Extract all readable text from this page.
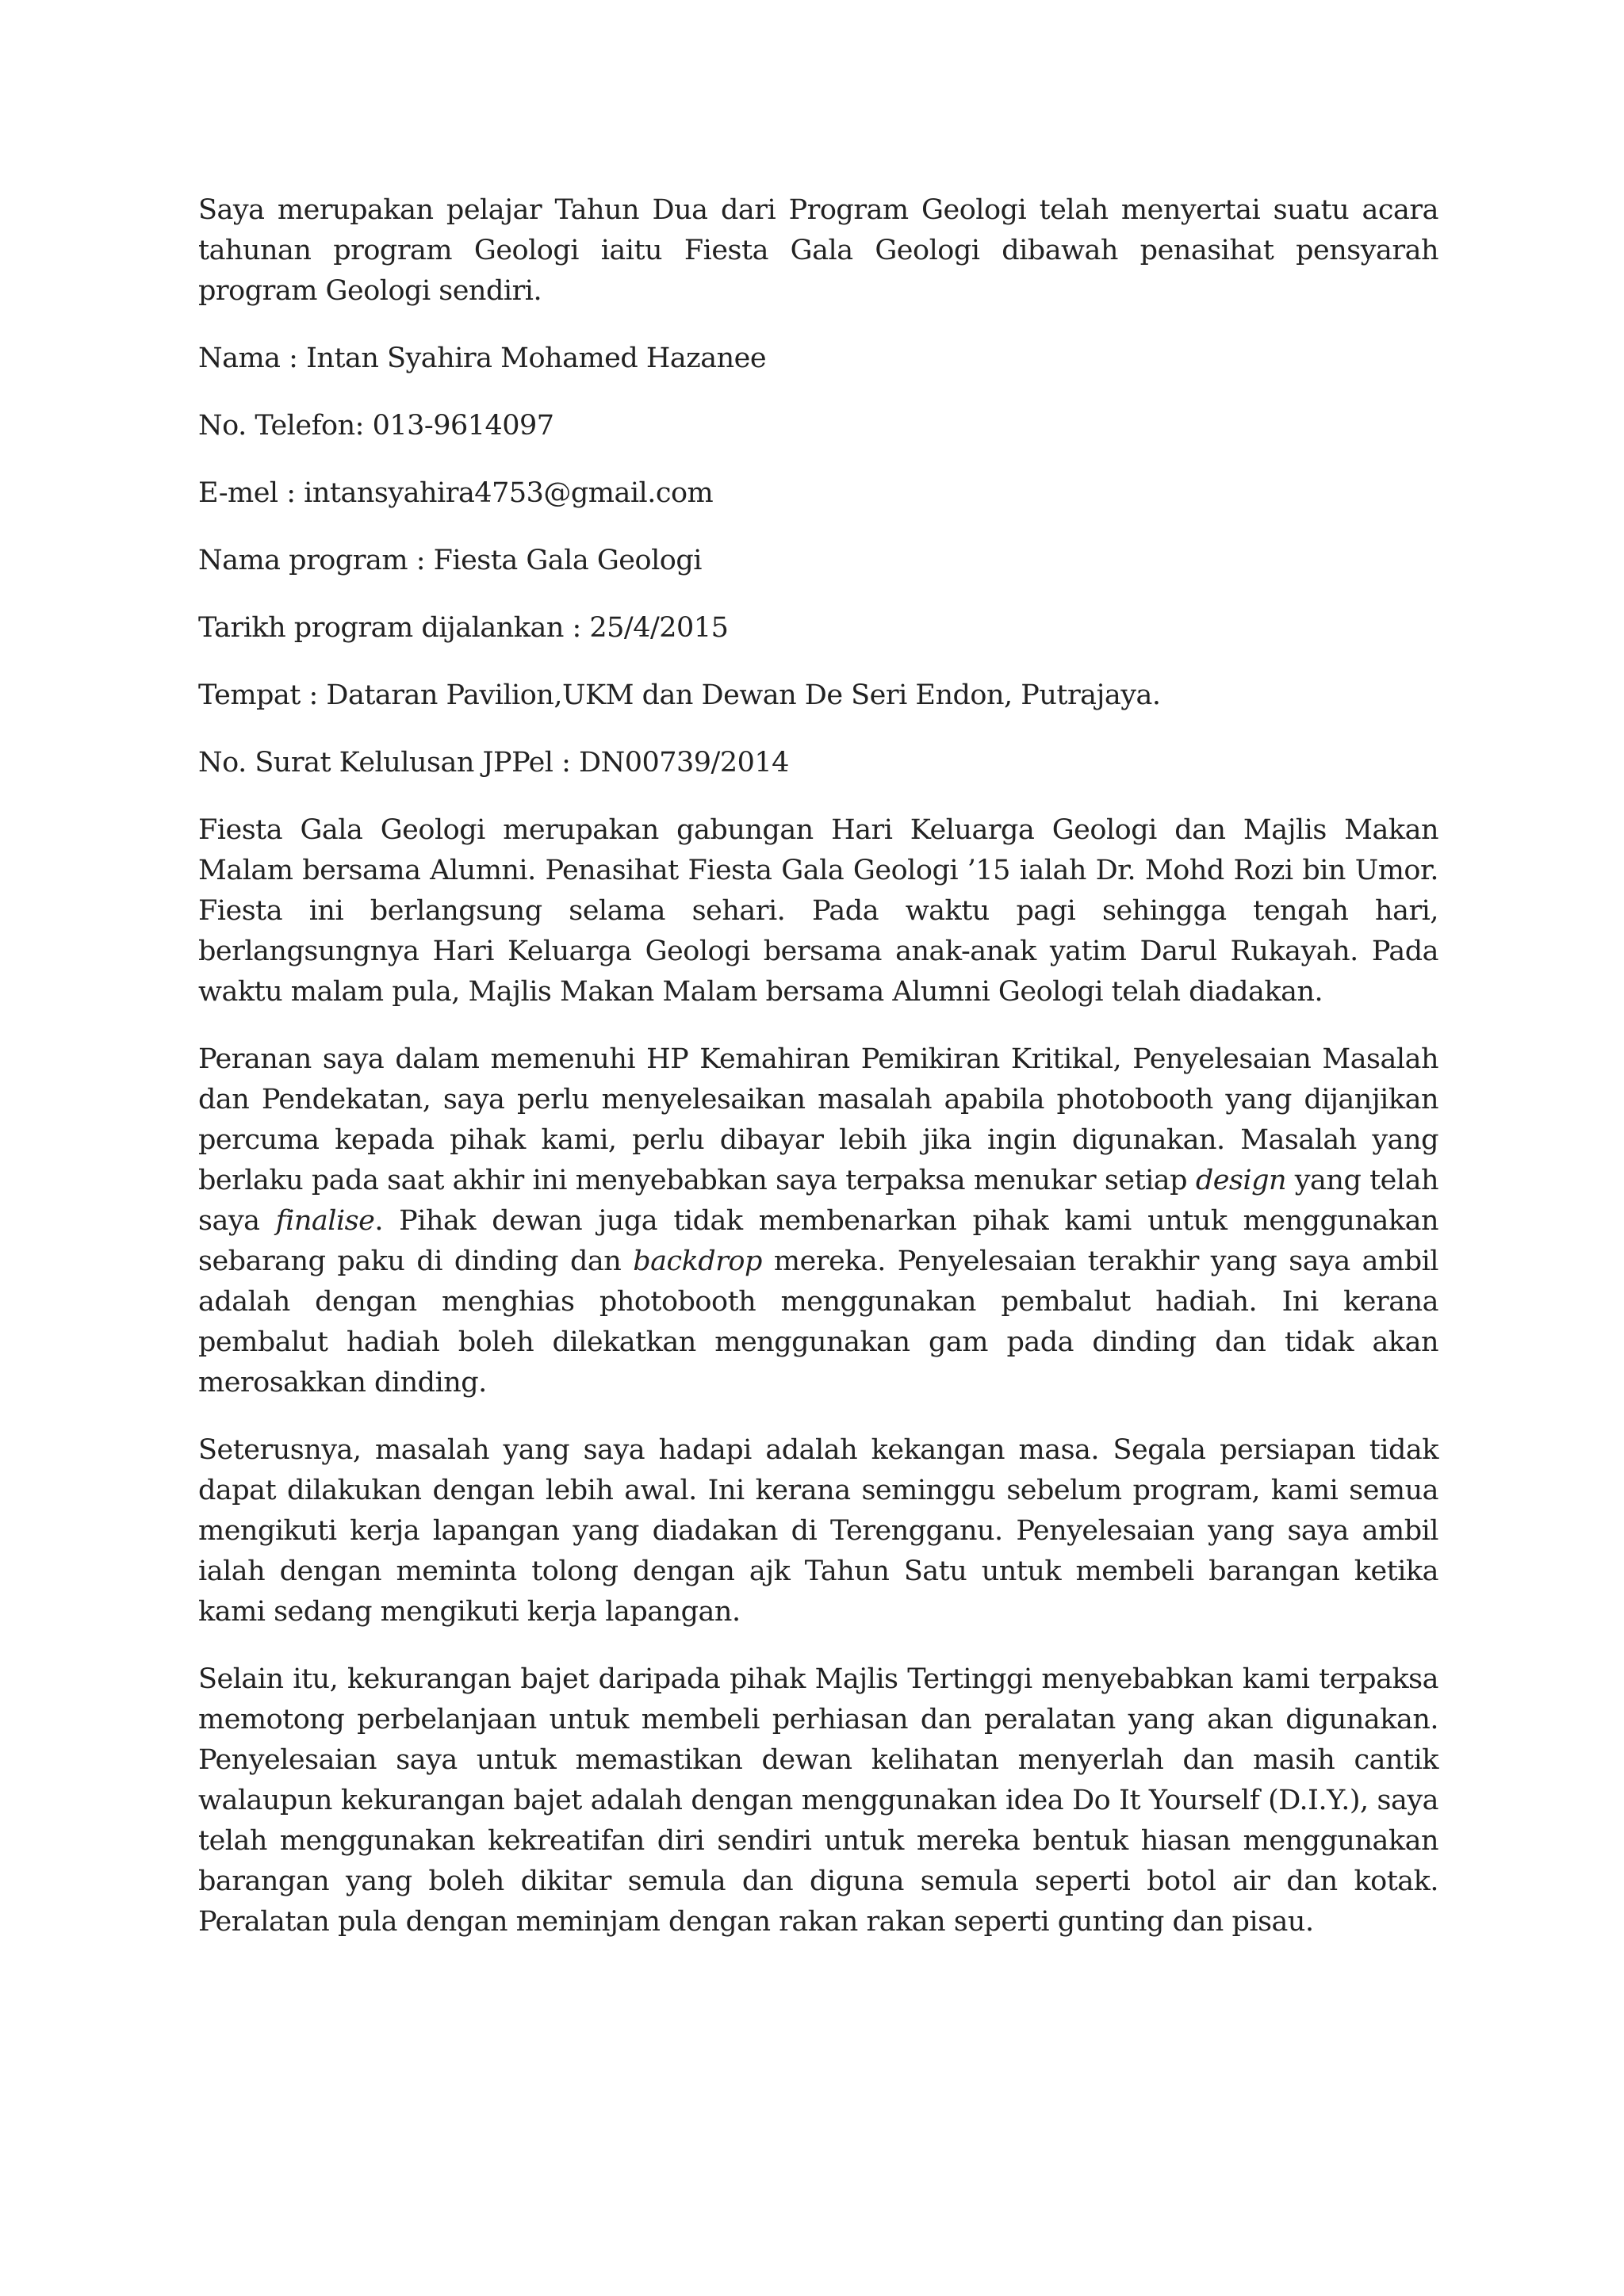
Saya merupakan pelajar Tahun Dua dari Program Geologi telah menyertai suatu acara tahunan program Geologi iaitu Fiesta Gala Geologi dibawah penasihat pensyarah program Geologi sendiri.

Nama : Intan Syahira Mohamed Hazanee

No. Telefon: 013-9614097

E-mel : intansyahira4753@gmail.com

Nama program : Fiesta Gala Geologi

Tarikh program dijalankan : 25/4/2015

Tempat : Dataran Pavilion,UKM dan Dewan De Seri Endon, Putrajaya.

No. Surat Kelulusan JPPel : DN00739/2014

Fiesta Gala Geologi merupakan gabungan Hari Keluarga Geologi dan Majlis Makan Malam bersama Alumni. Penasihat Fiesta Gala Geologi ’15 ialah Dr. Mohd Rozi bin Umor. Fiesta ini berlangsung selama sehari. Pada waktu pagi sehingga tengah hari, berlangsungnya Hari Keluarga Geologi bersama anak-anak yatim Darul Rukayah. Pada waktu malam pula, Majlis Makan Malam bersama Alumni Geologi telah diadakan.

Peranan saya dalam memenuhi HP Kemahiran Pemikiran Kritikal, Penyelesaian Masalah dan Pendekatan, saya perlu menyelesaikan masalah apabila photobooth yang dijanjikan percuma kepada pihak kami, perlu dibayar lebih jika ingin digunakan. Masalah yang berlaku pada saat akhir ini menyebabkan saya terpaksa menukar setiap design yang telah saya finalise. Pihak dewan juga tidak membenarkan pihak kami untuk menggunakan sebarang paku di dinding dan backdrop mereka. Penyelesaian terakhir yang saya ambil adalah dengan menghias photobooth menggunakan pembalut hadiah. Ini kerana pembalut hadiah boleh dilekatkan menggunakan gam pada dinding dan tidak akan merosakkan dinding.

Seterusnya, masalah yang saya hadapi adalah kekangan masa. Segala persiapan tidak dapat dilakukan dengan lebih awal. Ini kerana seminggu sebelum program, kami semua mengikuti kerja lapangan yang diadakan di Terengganu. Penyelesaian yang saya ambil ialah dengan meminta tolong dengan ajk Tahun Satu untuk membeli barangan ketika kami sedang mengikuti kerja lapangan.

Selain itu, kekurangan bajet daripada pihak Majlis Tertinggi menyebabkan kami terpaksa memotong perbelanjaan untuk membeli perhiasan dan peralatan yang akan digunakan. Penyelesaian saya untuk memastikan dewan kelihatan menyerlah dan masih cantik walaupun kekurangan bajet adalah dengan menggunakan idea Do It Yourself (D.I.Y.), saya telah menggunakan kekreatifan diri sendiri untuk mereka bentuk hiasan menggunakan barangan yang boleh dikitar semula dan diguna semula seperti botol air dan kotak. Peralatan pula dengan meminjam dengan rakan rakan seperti gunting dan pisau.
